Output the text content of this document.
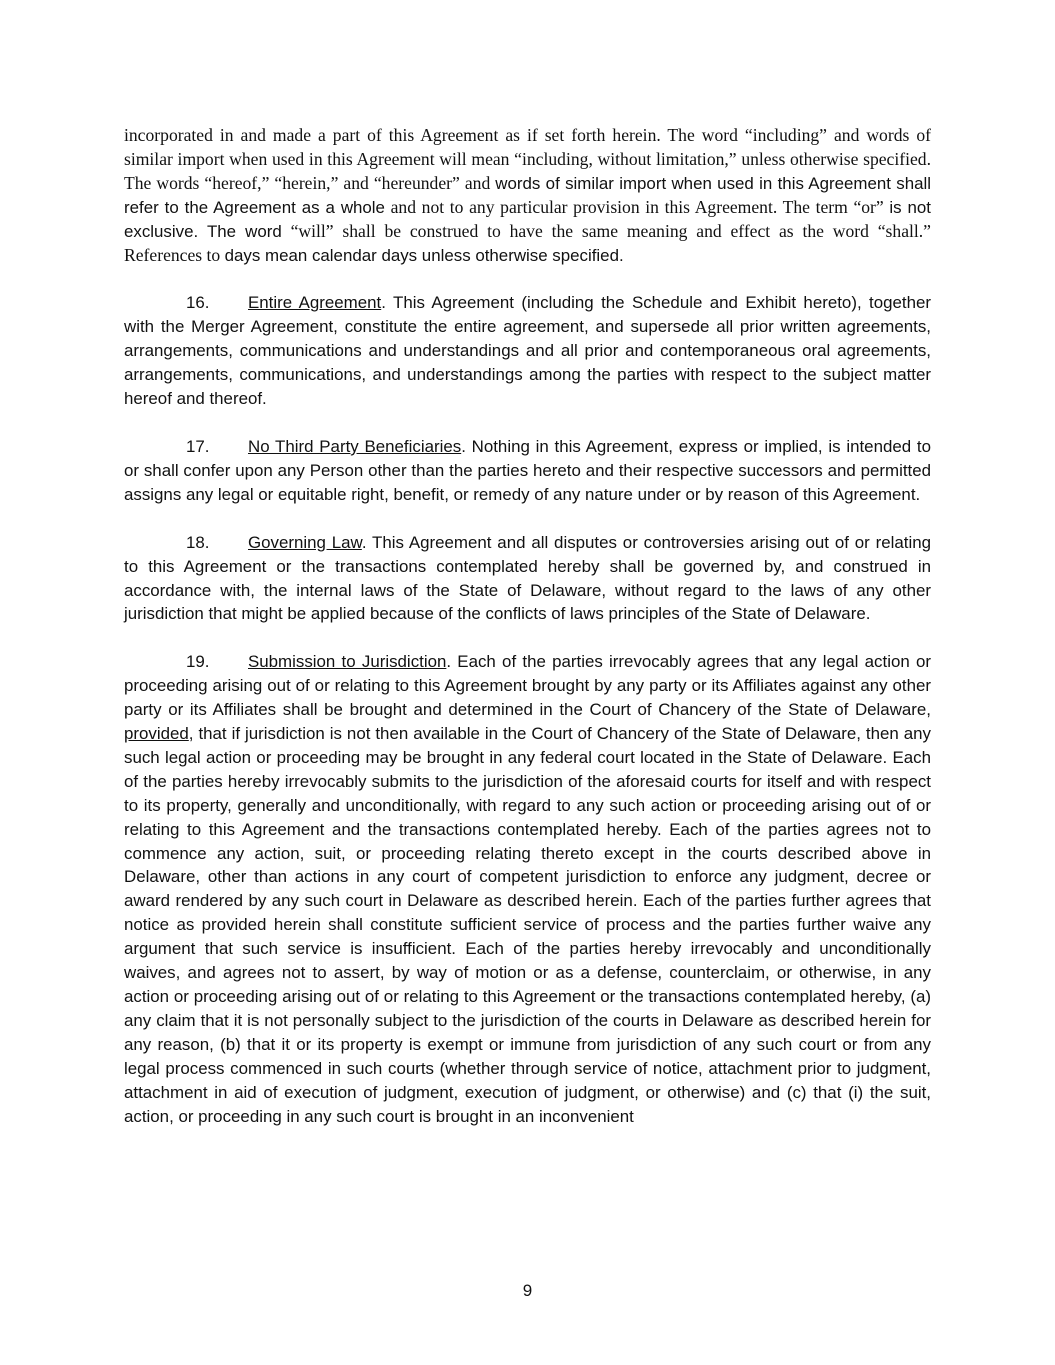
incorporated in and made a part of this Agreement as if set forth herein. The word “including” and words of similar import when used in this Agreement will mean “including, without limitation,” unless otherwise specified. The words “hereof,” “herein,” and “hereunder” and words of similar import when used in this Agreement shall refer to the Agreement as a whole and not to any particular provision in this Agreement. The term “or” is not exclusive. The word “will” shall be construed to have the same meaning and effect as the word “shall.” References to days mean calendar days unless otherwise specified.

16. Entire Agreement. This Agreement (including the Schedule and Exhibit hereto), together with the Merger Agreement, constitute the entire agreement, and supersede all prior written agreements, arrangements, communications and understandings and all prior and contemporaneous oral agreements, arrangements, communications, and understandings among the parties with respect to the subject matter hereof and thereof.

17. No Third Party Beneficiaries. Nothing in this Agreement, express or implied, is intended to or shall confer upon any Person other than the parties hereto and their respective successors and permitted assigns any legal or equitable right, benefit, or remedy of any nature under or by reason of this Agreement.

18. Governing Law. This Agreement and all disputes or controversies arising out of or relating to this Agreement or the transactions contemplated hereby shall be governed by, and construed in accordance with, the internal laws of the State of Delaware, without regard to the laws of any other jurisdiction that might be applied because of the conflicts of laws principles of the State of Delaware.

19. Submission to Jurisdiction. Each of the parties irrevocably agrees that any legal action or proceeding arising out of or relating to this Agreement brought by any party or its Affiliates against any other party or its Affiliates shall be brought and determined in the Court of Chancery of the State of Delaware, provided, that if jurisdiction is not then available in the Court of Chancery of the State of Delaware, then any such legal action or proceeding may be brought in any federal court located in the State of Delaware. Each of the parties hereby irrevocably submits to the jurisdiction of the aforesaid courts for itself and with respect to its property, generally and unconditionally, with regard to any such action or proceeding arising out of or relating to this Agreement and the transactions contemplated hereby. Each of the parties agrees not to commence any action, suit, or proceeding relating thereto except in the courts described above in Delaware, other than actions in any court of competent jurisdiction to enforce any judgment, decree or award rendered by any such court in Delaware as described herein. Each of the parties further agrees that notice as provided herein shall constitute sufficient service of process and the parties further waive any argument that such service is insufficient. Each of the parties hereby irrevocably and unconditionally waives, and agrees not to assert, by way of motion or as a defense, counterclaim, or otherwise, in any action or proceeding arising out of or relating to this Agreement or the transactions contemplated hereby, (a) any claim that it is not personally subject to the jurisdiction of the courts in Delaware as described herein for any reason, (b) that it or its property is exempt or immune from jurisdiction of any such court or from any legal process commenced in such courts (whether through service of notice, attachment prior to judgment, attachment in aid of execution of judgment, execution of judgment, or otherwise) and (c) that (i) the suit, action, or proceeding in any such court is brought in an inconvenient

9
